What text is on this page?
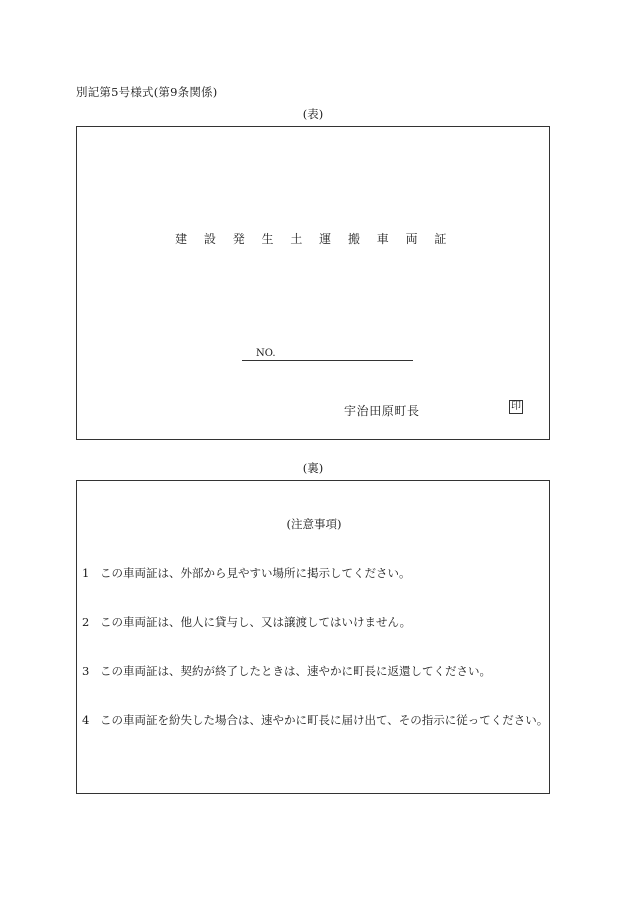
別記第5号様式(第9条関係)
(表)
建 設 発 生 土 運 搬 車 両 証
NO.
宇治田原町長	印
(裏)
(注意事項)
1 この車両証は、外部から見やすい場所に掲示してください。
2 この車両証は、他人に貸与し、又は譲渡してはいけません。
3 この車両証は、契約が終了したときは、速やかに町長に返還してください。
4 この車両証を紛失した場合は、速やかに町長に届け出て、その指示に従ってください。
